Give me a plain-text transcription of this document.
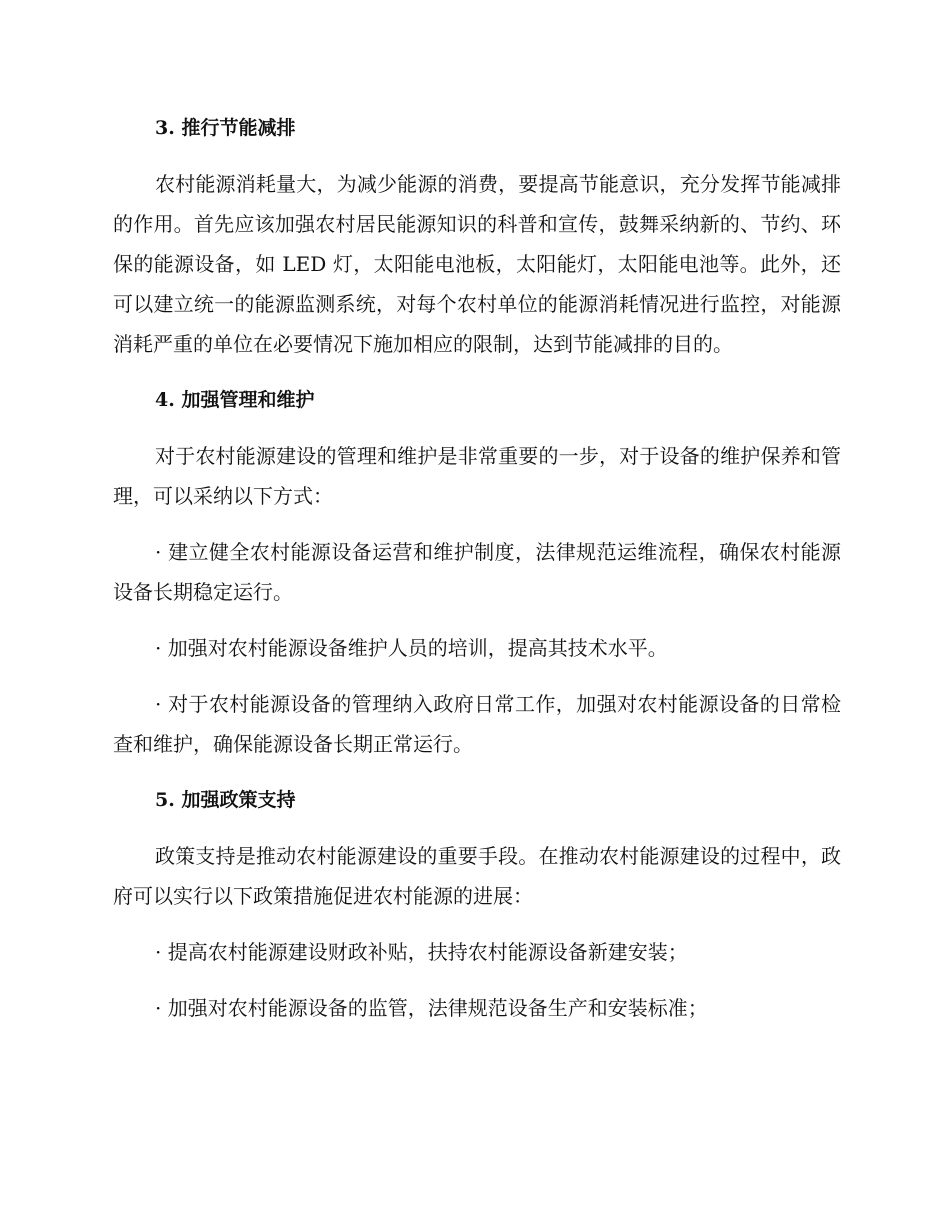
3. 推行节能减排

农村能源消耗量大，为减少能源的消费，要提高节能意识，充分发挥节能减排的作用。首先应该加强农村居民能源知识的科普和宣传，鼓舞采纳新的、节约、环保的能源设备，如 LED 灯，太阳能电池板，太阳能灯，太阳能电池等。此外，还可以建立统一的能源监测系统，对每个农村单位的能源消耗情况进行监控，对能源消耗严重的单位在必要情况下施加相应的限制，达到节能减排的目的。

4. 加强管理和维护

对于农村能源建设的管理和维护是非常重要的一步，对于设备的维护保养和管理，可以采纳以下方式：

· 建立健全农村能源设备运营和维护制度，法律规范运维流程，确保农村能源设备长期稳定运行。

· 加强对农村能源设备维护人员的培训，提高其技术水平。

· 对于农村能源设备的管理纳入政府日常工作，加强对农村能源设备的日常检查和维护，确保能源设备长期正常运行。

5. 加强政策支持

政策支持是推动农村能源建设的重要手段。在推动农村能源建设的过程中，政府可以实行以下政策措施促进农村能源的进展：

· 提高农村能源建设财政补贴，扶持农村能源设备新建安装；

· 加强对农村能源设备的监管，法律规范设备生产和安装标准；
